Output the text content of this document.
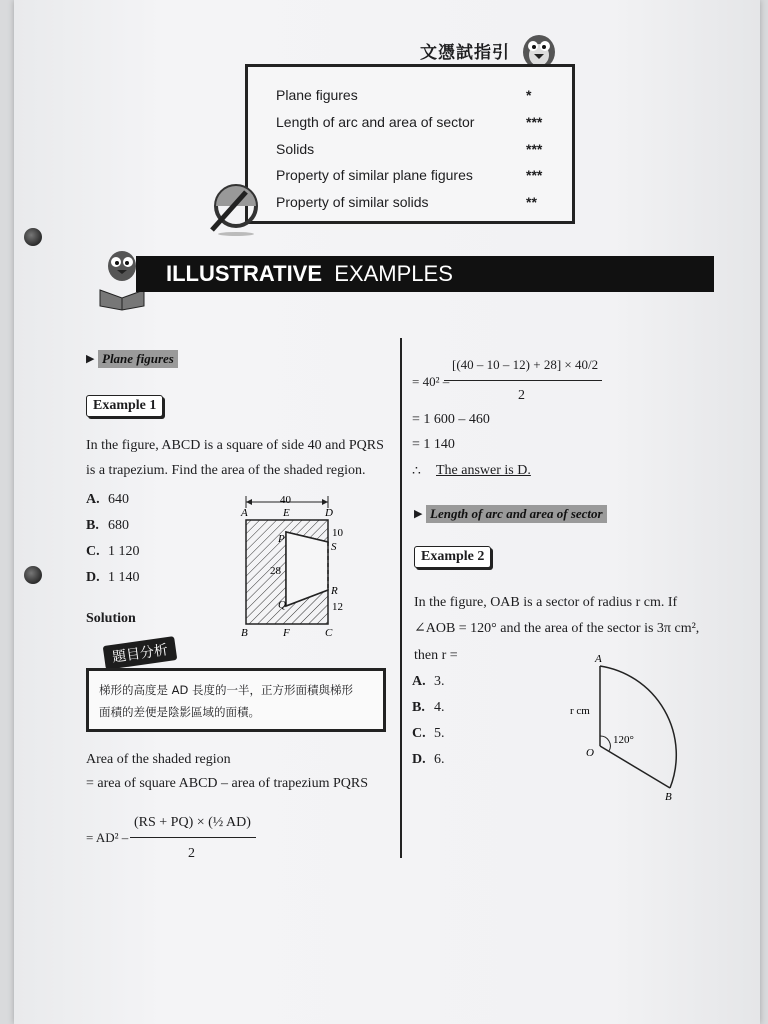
文憑試指引
Plane figures	*
Length of arc and area of sector	***
Solids	***
Property of similar plane figures	***
Property of similar solids	**
ILLUSTRATIVE EXAMPLES
▶ Plane figures
Example 1
In the figure, ABCD is a square of side 40 and PQRS
is a trapezium. Find the area of the shaded region.
A. 640
B. 680
C. 1 120
D. 1 140
Solution
40
A	E	D
B	F	C
P
Q
R
S
10
28
12
題目分析
梯形的高度是 AD 長度的一半，正方形面積與梯形
面積的差便是陰影區域的面積。
Area of the shaded region
= area of square ABCD – area of trapezium PQRS
(RS + PQ) × (½ AD)
= AD² –
2
[(40 – 10 – 12) + 28] × 40/2
= 40² –
2
= 1 600 – 460
= 1 140
∴ The answer is D.
▶ Length of arc and area of sector
Example 2
In the figure, OAB is a sector of radius r cm. If
∠AOB = 120° and the area of the sector is 3π cm²,
then r =
A. 3.
B. 4.
C. 5.
D. 6.
A
O
B
r cm
120°
